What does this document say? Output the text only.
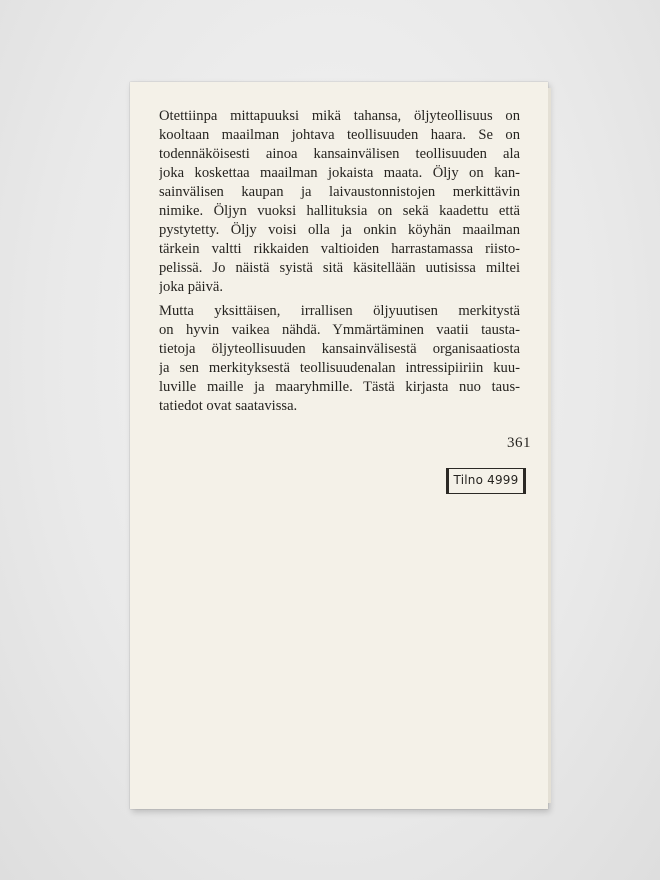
Otettiinpa mittapuuksi mikä tahansa, öljyteollisuus on
kooltaan maailman johtava teollisuuden haara. Se on
todennäköisesti ainoa kansainvälisen teollisuuden ala
joka koskettaa maailman jokaista maata. Öljy on kan-
sainvälisen kaupan ja laivaustonnistojen merkittävin
nimike. Öljyn vuoksi hallituksia on sekä kaadettu että
pystytetty. Öljy voisi olla ja onkin köyhän maailman
tärkein valtti rikkaiden valtioiden harrastamassa riisto-
pelissä. Jo näistä syistä sitä käsitellään uutisissa miltei
joka päivä.

Mutta yksittäisen, irrallisen öljyuutisen merkitystä
on hyvin vaikea nähdä. Ymmärtäminen vaatii tausta-
tietoja öljyteollisuuden kansainvälisestä organisaatiosta
ja sen merkityksestä teollisuudenalan intressipiiriin kuu-
luville maille ja maaryhmille. Tästä kirjasta nuo taus-
tatiedot ovat saatavissa.

361
Tilno 4999
